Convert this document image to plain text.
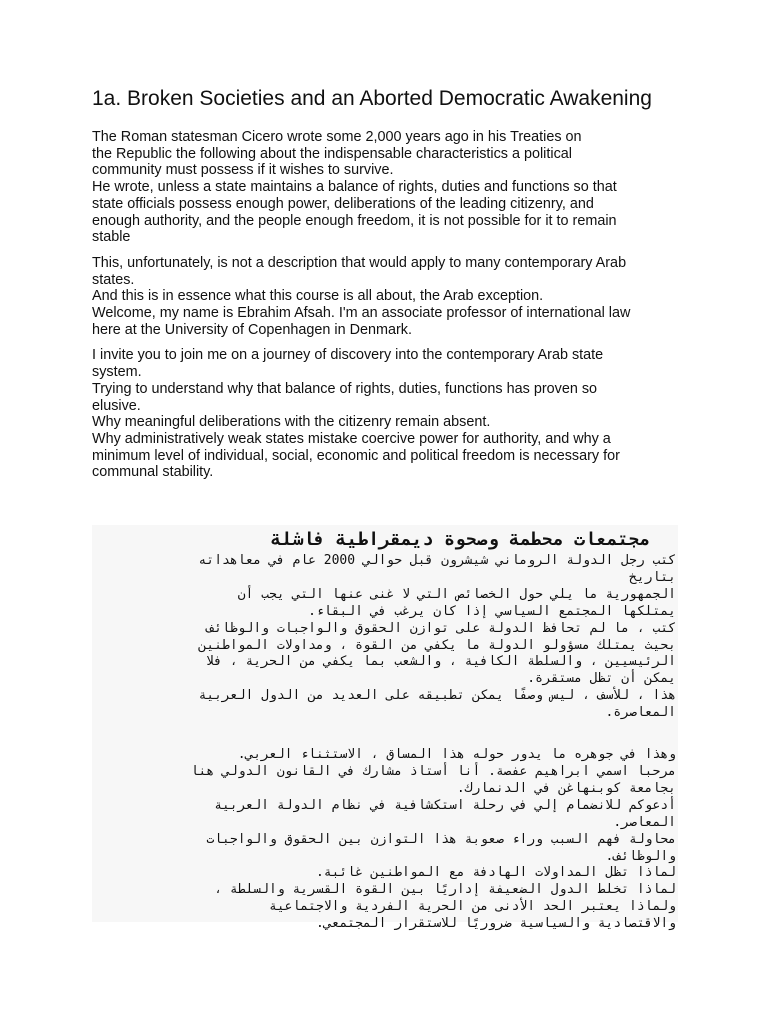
1a. Broken Societies and an Aborted Democratic Awakening
The Roman statesman Cicero wrote some 2,000 years ago in his Treaties on
the Republic the following about the indispensable characteristics a political
community must possess if it wishes to survive.
He wrote, unless a state maintains a balance of rights, duties and functions so that
state officials possess enough power, deliberations of the leading citizenry, and
enough authority, and the people enough freedom, it is not possible for it to remain
stable
This, unfortunately, is not a description that would apply to many contemporary Arab
states.
And this is in essence what this course is all about, the Arab exception.
Welcome, my name is Ebrahim Afsah. I'm an associate professor of international law
here at the University of Copenhagen in Denmark.
I invite you to join me on a journey of discovery into the contemporary Arab state
system.
Trying to understand why that balance of rights, duties, functions has proven so
elusive.
Why meaningful deliberations with the citizenry remain absent.
Why administratively weak states mistake coercive power for authority, and why a
minimum level of individual, social, economic and political freedom is necessary for
communal stability.
مجتمعات محطمة وصحوة ديمقراطية فاشلة
كتب رجل الدولة الروماني شيشرون قبل حوالي 2000 عام في معاهداته
بتاريخ
الجمهورية ما يلي حول الخصائص التي لا غنى عنها التي يجب أن
يمتلكها المجتمع السياسي إذا كان يرغب في البقاء.
كتب ، ما لم تحافظ الدولة على توازن الحقوق والواجبات والوظائف
بحيث يمتلك مسؤولو الدولة ما يكفي من القوة ، ومداولات المواطنين
الرئيسيين ، والسلطة الكافية ، والشعب بما يكفي من الحرية ، فلا
يمكن أن تظل مستقرة.
هذا ، للأسف ، ليس وصفًا يمكن تطبيقه على العديد من الدول العربية
المعاصرة.
وهذا في جوهره ما يدور حوله هذا المساق ، الاستثناء العربي.
مرحبا اسمي ابراهيم عفصة. أنا أستاذ مشارك في القانون الدولي هنا
بجامعة كوبنهاغن في الدنمارك.
أدعوكم للانضمام إلي في رحلة استكشافية في نظام الدولة العربية
المعاصر.
محاولة فهم السبب وراء صعوبة هذا التوازن بين الحقوق والواجبات
والوظائف.
لماذا تظل المداولات الهادفة مع المواطنين غائبة.
لماذا تخلط الدول الضعيفة إداريًا بين القوة القسرية والسلطة ،
ولماذا يعتبر الحد الأدنى من الحرية الفردية والاجتماعية
والاقتصادية والسياسية ضروريًا للاستقرار المجتمعي.
